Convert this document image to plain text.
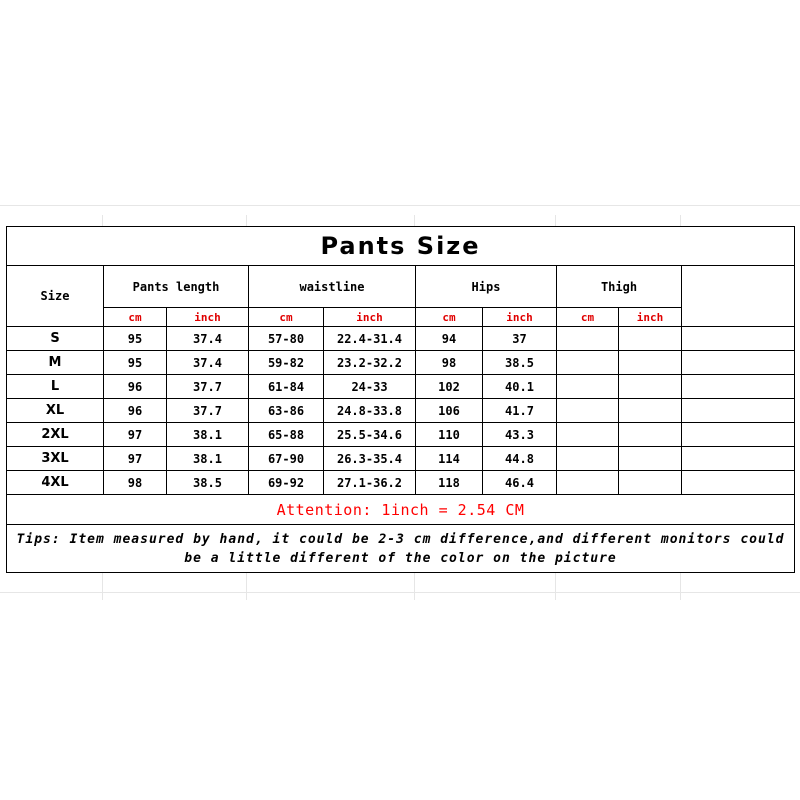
Pants Size									
Size	Pants length		waistline		Hips		Thigh		
	cm	inch	cm	inch	cm	inch	cm	inch	
S	95	37.4	57-80	22.4-31.4	94	37			
M	95	37.4	59-82	23.2-32.2	98	38.5			
L	96	37.7	61-84	24-33	102	40.1			
XL	96	37.7	63-86	24.8-33.8	106	41.7			
2XL	97	38.1	65-88	25.5-34.6	110	43.3			
3XL	97	38.1	67-90	26.3-35.4	114	44.8			
4XL	98	38.5	69-92	27.1-36.2	118	46.4			
Attention: 1inch = 2.54 CM									
Tips: Item measured by hand, it could be 2-3 cm difference,and different monitors could be a little different of the color on the picture									
